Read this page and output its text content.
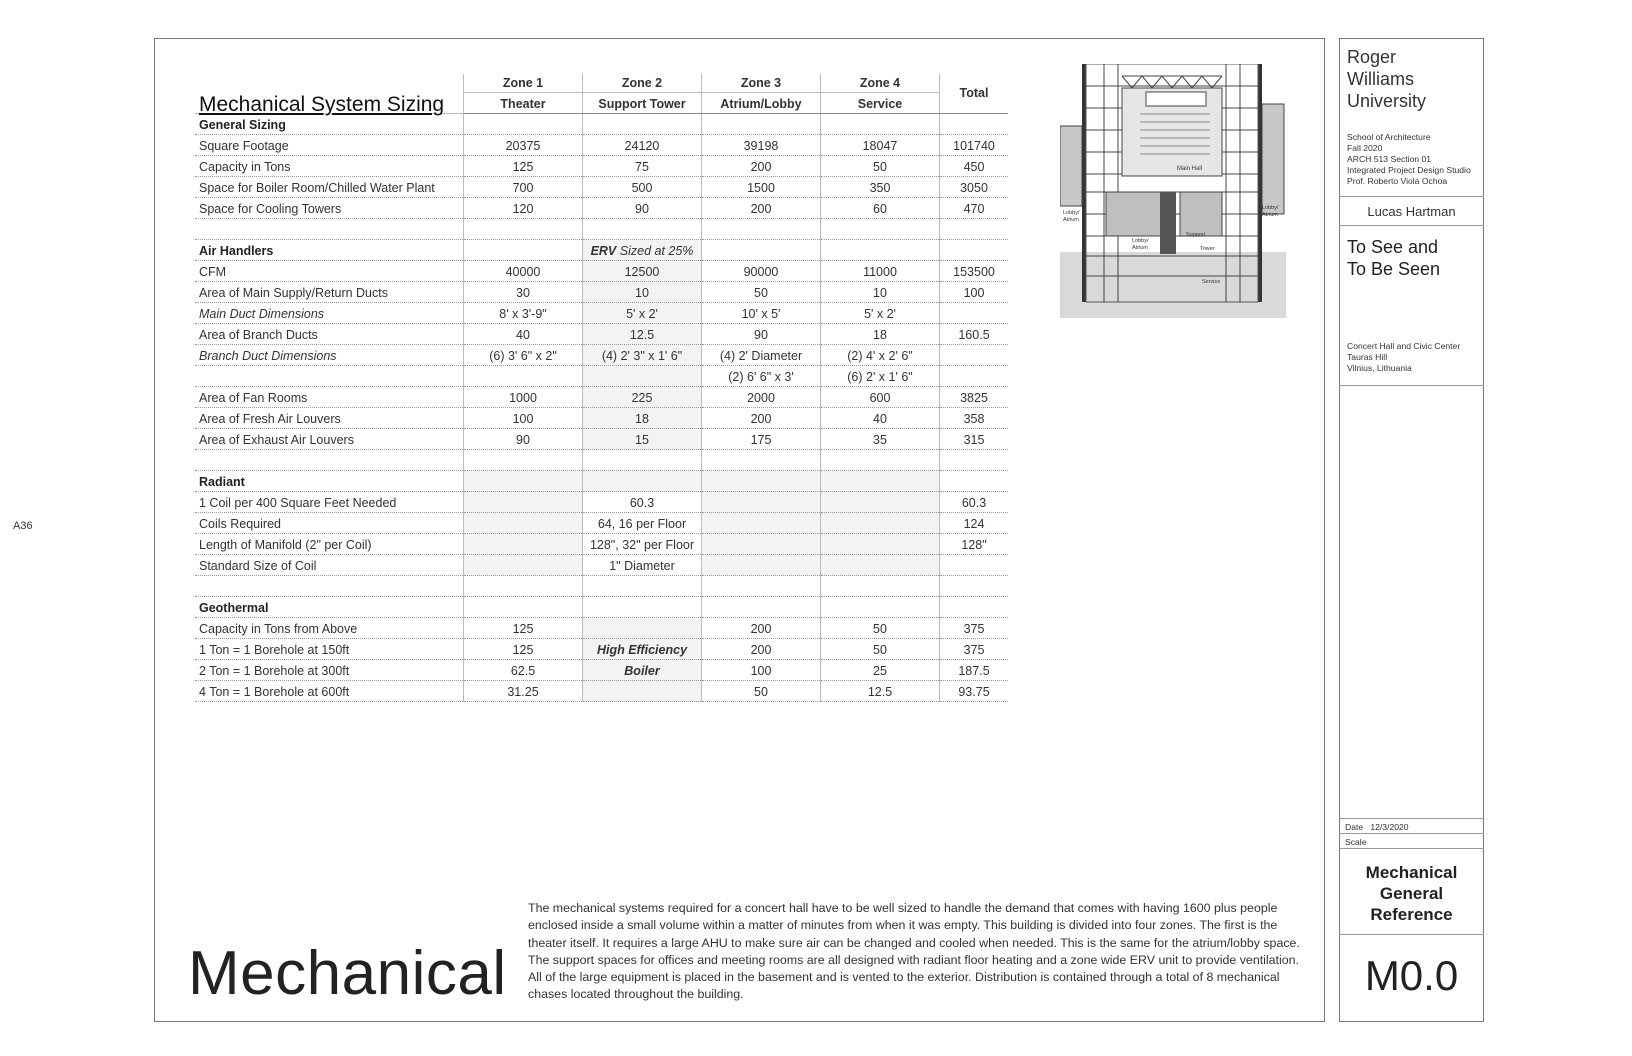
A36
Mechanical System Sizing	Zone 1	Zone 2	Zone 3	Zone 4	Total
	Theater	Support Tower	Atrium/Lobby	Service	
General Sizing					
Square Footage	20375	24120	39198	18047	101740
Capacity in Tons	125	75	200	50	450
Space for Boiler Room/Chilled Water Plant	700	500	1500	350	3050
Space for Cooling Towers	120	90	200	60	470

Air Handlers		ERV Sized at 25%			
CFM	40000	12500	90000	11000	153500
Area of Main Supply/Return Ducts	30	10	50	10	100
Main Duct Dimensions	8' x 3'-9"	5' x 2'	10' x 5'	5' x 2'	
Area of Branch Ducts	40	12.5	90	18	160.5
Branch Duct Dimensions	(6) 3' 6" x 2"	(4) 2' 3" x 1' 6"	(4) 2' Diameter	(2) 4' x 2' 6"	
			(2) 6' 6" x 3'	(6) 2' x 1' 6"	
Area of Fan Rooms	1000	225	2000	600	3825
Area of Fresh Air Louvers	100	18	200	40	358
Area of Exhaust Air Louvers	90	15	175	35	315

Radiant					
1 Coil per 400 Square Feet Needed		60.3			60.3
Coils Required		64, 16 per Floor			124
Length of Manifold (2" per Coil)		128", 32" per Floor			128"
Standard Size of Coil		1" Diameter			

Geothermal					
Capacity in Tons from Above	125		200	50	375
1 Ton = 1 Borehole at 150ft	125	High Efficiency	200	50	375
2 Ton = 1 Borehole at 300ft	62.5	Boiler	100	25	187.5
4 Ton = 1 Borehole at 600ft	31.25		50	12.5	93.75
Main Hall
Lobby/
Atrium
Lobby/
Atrium
Lobby/
Atrium
Support
Tower
Service
Mechanical
The mechanical systems required for a concert hall have to be well sized to handle the demand that comes with having 1600 plus people enclosed inside a small volume within a matter of minutes from when it was empty. This building is divided into four zones. The first is the theater itself. It requires a large AHU to make sure air can be changed and cooled when needed. This is the same for the atrium/lobby space. The support spaces for offices and meeting rooms are all designed with radiant floor heating and a zone wide ERV unit to provide ventilation. All of the large equipment is placed in the basement and is vented to the exterior. Distribution is contained through a total of 8 mechanical chases located throughout the building.
Roger
Williams
University
School of Architecture
Fall 2020
ARCH 513 Section 01
Integrated Project Design Studio
Prof. Roberto Viola Ochoa
Lucas Hartman
To See and
To Be Seen
Concert Hall and Civic Center
Tauras Hill
Vilnius, Lithuania
Date 12/3/2020
Scale
Mechanical
General
Reference
M0.0
